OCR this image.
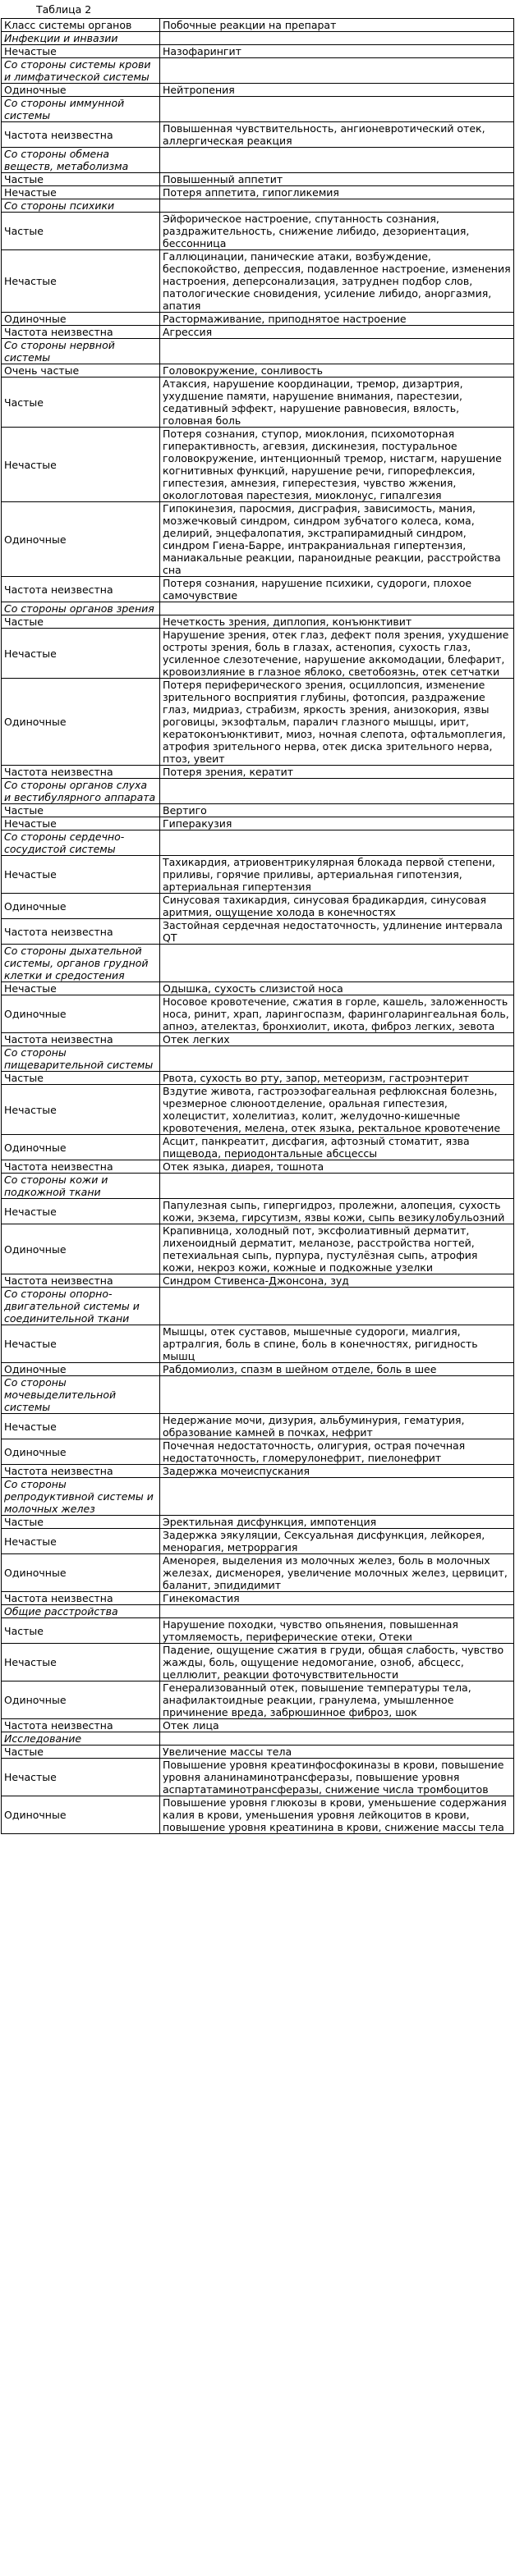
Таблица 2
Класс системы органов	Побочные реакции на препарат
Инфекции и инвазии	
Нечастые	Назофарингит
Со стороны системы крови и лимфатической системы	
Одиночные	Нейтропения
Со стороны иммунной системы	
Частота неизвестна	Повышенная чувствительность, ангионевротический отек, аллергическая реакция
Со стороны обмена веществ, метаболизма	
Частые	Повышенный аппетит
Нечастые	Потеря аппетита, гипогликемия
Со стороны психики	
Частые	Эйфорическое настроение, спутанность сознания, раздражительность, снижение либидо, дезориентация, бессонница
Нечастые	Галлюцинации, панические атаки, возбуждение, беспокойство, депрессия, подавленное настроение, изменения настроения, деперсонализация, затруднен подбор слов, патологические сновидения, усиление либидо, аноргазмия, апатия
Одиночные	Растормаживание, приподнятое настроение
Частота неизвестна	Агрессия
Со стороны нервной системы	
Очень частые	Головокружение, сонливость
Частые	Атаксия, нарушение координации, тремор, дизартрия, ухудшение памяти, нарушение внимания, парестезии, седативный эффект, нарушение равновесия, вялость, головная боль
Нечастые	Потеря сознания, ступор, миоклония, психомоторная гиперактивность, агевзия, дискинезия, постуральное головокружение, интенционный тремор, нистагм, нарушение когнитивных функций, нарушение речи, гипорефлексия, гипестезия, амнезия, гиперестезия, чувство жжения, окологлотовая парестезия, миоклонус, гипалгезия
Одиночные	Гипокинезия, паросмия, дисграфия, зависимость, мания, мозжечковый синдром, синдром зубчатого колеса, кома, делирий, энцефалопатия, экстрапирамидный синдром, синдром Гиена-Барре, интракраниальная гипертензия, маниакальные реакции, параноидные реакции, расстройства сна
Частота неизвестна	Потеря сознания, нарушение психики, судороги, плохое самочувствие
Со стороны органов зрения	
Частые	Нечеткость зрения, диплопия, конъюнктивит
Нечастые	Нарушение зрения, отек глаз, дефект поля зрения, ухудшение остроты зрения, боль в глазах, астенопия, сухость глаз, усиленное слезотечение, нарушение аккомодации, блефарит, кровоизлияние в глазное яблоко, светобоязнь, отек сетчатки
Одиночные	Потеря периферического зрения, осциллопсия, изменение зрительного восприятия глубины, фотопсия, раздражение глаз, мидриаз, страбизм, яркость зрения, анизокория, язвы роговицы, экзофтальм, паралич глазного мышцы, ирит, кератоконъюнктивит, миоз, ночная слепота, офтальмоплегия, атрофия зрительного нерва, отек диска зрительного нерва, птоз, увеит
Частота неизвестна	Потеря зрения, кератит
Со стороны органов слуха и вестибулярного аппарата	
Частые	Вертиго
Нечастые	Гиперакузия
Со стороны сердечно-сосудистой системы	
Нечастые	Тахикардия, атриовентрикулярная блокада первой степени, приливы, горячие приливы, артериальная гипотензия, артериальная гипертензия
Одиночные	Синусовая тахикардия, синусовая брадикардия, синусовая аритмия, ощущение холода в конечностях
Частота неизвестна	Застойная сердечная недостаточность, удлинение интервала QT
Со стороны дыхательной системы, органов грудной клетки и средостения	
Нечастые	Одышка, сухость слизистой носа
Одиночные	Носовое кровотечение, сжатия в горле, кашель, заложенность носа, ринит, храп, ларингоспазм, фаринголарингеальная боль, апноэ, ателектаз, бронхиолит, икота, фиброз легких, зевота
Частота неизвестна	Отек легких
Со стороны пищеварительной системы	
Частые	Рвота, сухость во рту, запор, метеоризм, гастроэнтерит
Нечастые	Вздутие живота, гастроэзофагеальная рефлюксная болезнь, чрезмерное слюноотделение, оральная гипестезия, холецистит, холелитиаз, колит, желудочно-кишечные кровотечения, мелена, отек языка, ректальное кровотечение
Одиночные	Асцит, панкреатит, дисфагия, афтозный стоматит, язва пищевода, периодонтальные абсцессы
Частота неизвестна	Отек языка, диарея, тошнота
Со стороны кожи и подкожной ткани	
Нечастые	Папулезная сыпь, гипергидроз, пролежни, алопеция, сухость кожи, экзема, гирсутизм, язвы кожи, сыпь везикулобульозний
Одиночные	Крапивница, холодный пот, эксфолиативный дерматит, лихеноидный дерматит, меланозе, расстройства ногтей, петехиальная сыпь, пурпура, пустулёзная сыпь, атрофия кожи, некроз кожи, кожные и подкожные узелки
Частота неизвестна	Синдром Стивенса-Джонсона, зуд
Со стороны опорно-двигательной системы и соединительной ткани	
Нечастые	Мышцы, отек суставов, мышечные судороги, миалгия, артралгия, боль в спине, боль в конечностях, ригидность мышц
Одиночные	Рабдомиолиз, спазм в шейном отделе, боль в шее
Со стороны мочевыделительной системы	
Нечастые	Недержание мочи, дизурия, альбуминурия, гематурия, образование камней в почках, нефрит
Одиночные	Почечная недостаточность, олигурия, острая почечная недостаточность, гломерулонефрит, пиелонефрит
Частота неизвестна	Задержка мочеиспускания
Со стороны репродуктивной системы и молочных желез	
Частые	Эректильная дисфункция, импотенция
Нечастые	Задержка эякуляции, Сексуальная дисфункция, лейкорея, менорагия, метроррагия
Одиночные	Аменорея, выделения из молочных желез, боль в молочных железах, дисменорея, увеличение молочных желез, цервицит, баланит, эпидидимит
Частота неизвестна	Гинекомастия
Общие расстройства	
Частые	Нарушение походки, чувство опьянения, повышенная утомляемость, периферические отеки, Отеки
Нечастые	Падение, ощущение сжатия в груди, общая слабость, чувство жажды, боль, ощущение недомогание, озноб, абсцесс, целлюлит, реакции фоточувствительности
Одиночные	Генерализованный отек, повышение температуры тела, анафилактоидные реакции, гранулема, умышленное причинение вреда, забрюшинное фиброз, шок
Частота неизвестна	Отек лица
Исследование	
Частые	Увеличение массы тела
Нечастые	Повышение уровня креатинфосфокиназы в крови, повышение уровня аланинаминотрансферазы, повышение уровня аспартатаминотрансферазы, снижение числа тромбоцитов
Одиночные	Повышение уровня глюкозы в крови, уменьшение содержания калия в крови, уменьшения уровня лейкоцитов в крови, повышение уровня креатинина в крови, снижение массы тела
